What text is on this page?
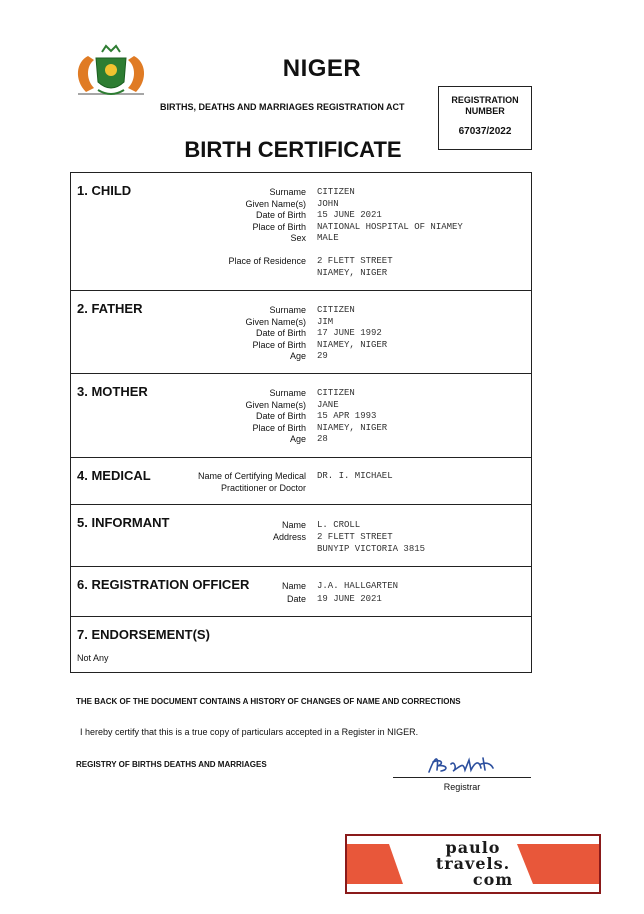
NIGER
BIRTHS, DEATHS AND MARRIAGES REGISTRATION ACT
REGISTRATION
NUMBER
67037/2022
BIRTH CERTIFICATE
1. CHILD	Surname CITIZEN
Given Name(s) JOHN
Date of Birth 15 JUNE 2021
Place of Birth NATIONAL HOSPITAL OF NIAMEY
Sex MALE
Place of Residence 2 FLETT STREET
NIAMEY, NIGER
2. FATHER	Surname CITIZEN
Given Name(s) JIM
Date of Birth 17 JUNE 1992
Place of Birth NIAMEY, NIGER
Age 29
3. MOTHER	Surname CITIZEN
Given Name(s) JANE
Date of Birth 15 APR 1993
Place of Birth NIAMEY, NIGER
Age 28
4. MEDICAL	Name of Certifying Medical DR. I. MICHAEL
Practitioner or Doctor
5. INFORMANT	Name L. CROLL
Address 2 FLETT STREET
BUNYIP VICTORIA 3815
6. REGISTRATION OFFICER	Name J.A. HALLGARTEN
Date 19 JUNE 2021
7. ENDORSEMENT(S)
Not Any
THE BACK OF THE DOCUMENT CONTAINS A HISTORY OF CHANGES OF NAME AND CORRECTIONS
I hereby certify that this is a true copy of particulars accepted in a Register in NIGER.
REGISTRY OF BIRTHS DEATHS AND MARRIAGES
Registrar
paulo
travels.
com
